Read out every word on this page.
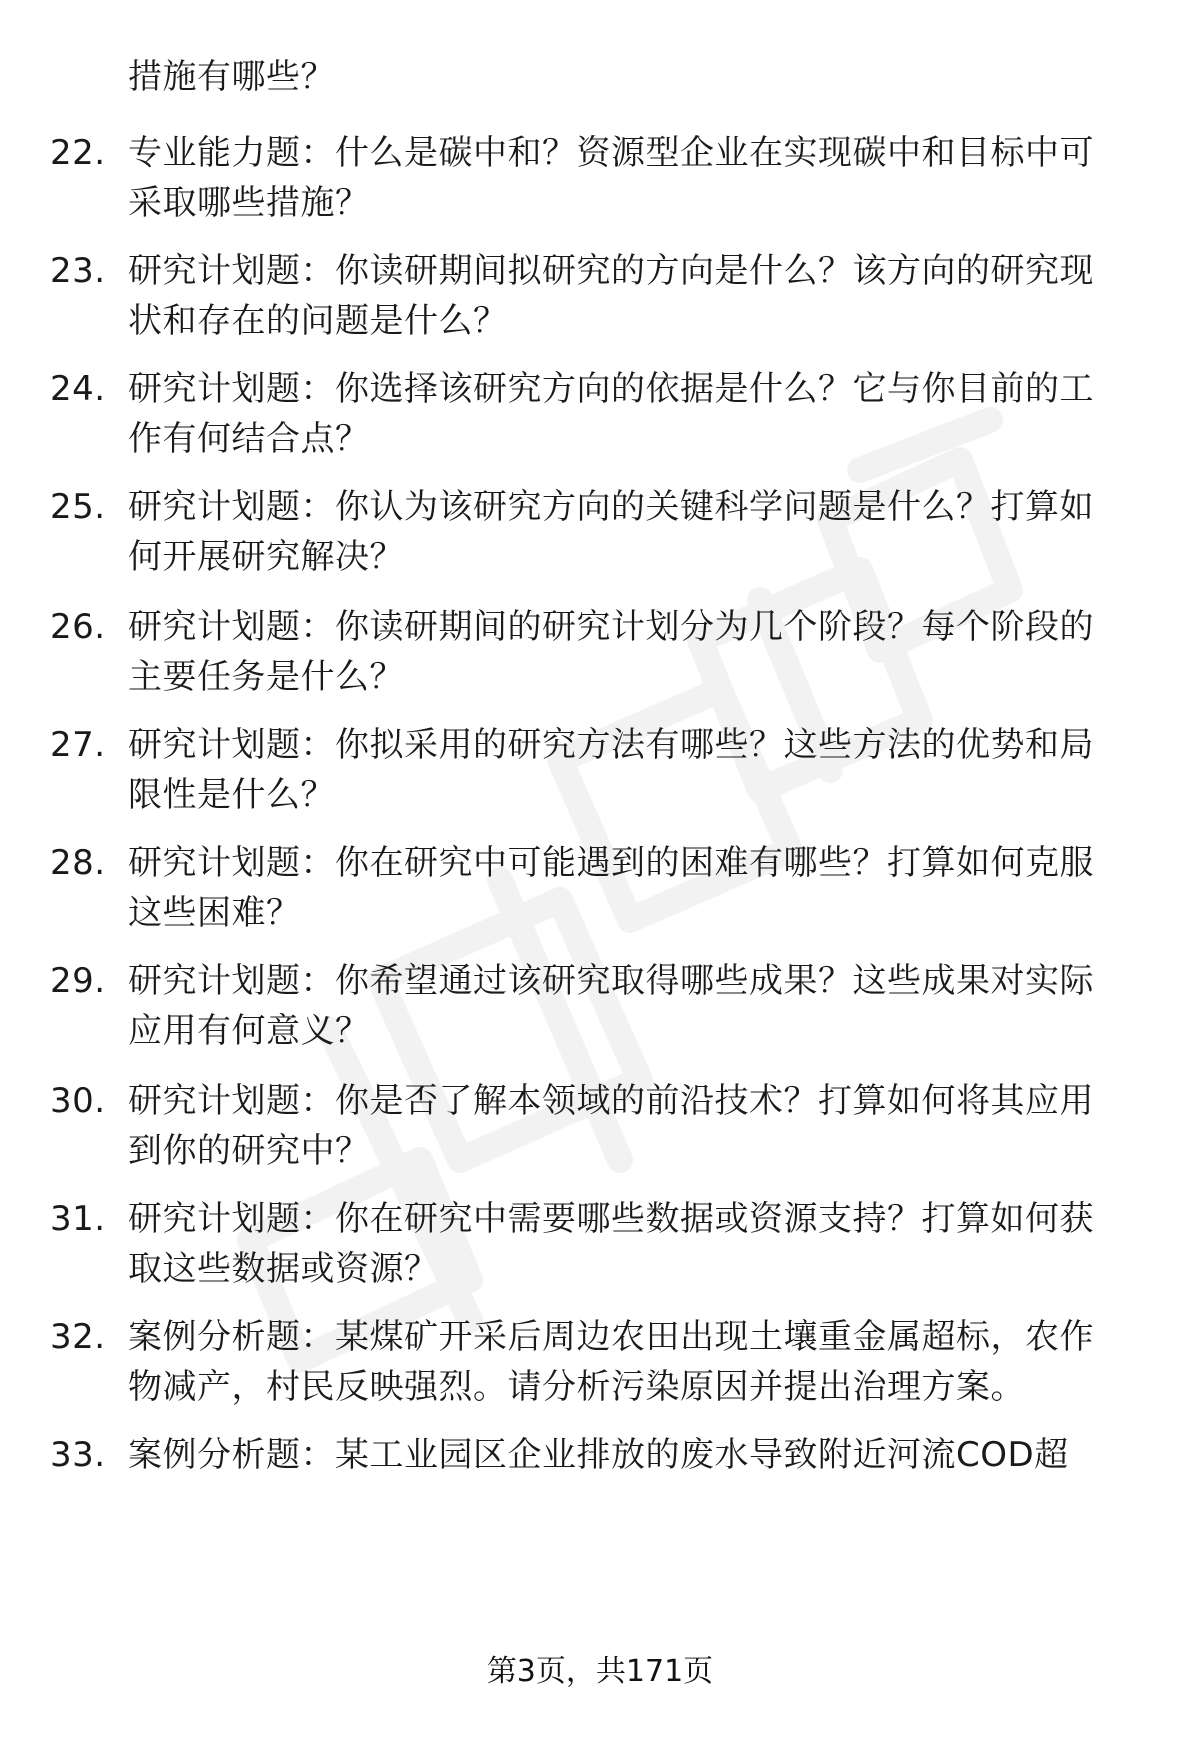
措施有哪些？
22. 专业能力题：什么是碳中和？资源型企业在实现碳中和目标中可
采取哪些措施？
23. 研究计划题：你读研期间拟研究的方向是什么？该方向的研究现
状和存在的问题是什么？
24. 研究计划题：你选择该研究方向的依据是什么？它与你目前的工
作有何结合点？
25. 研究计划题：你认为该研究方向的关键科学问题是什么？打算如
何开展研究解决？
26. 研究计划题：你读研期间的研究计划分为几个阶段？每个阶段的
主要任务是什么？
27. 研究计划题：你拟采用的研究方法有哪些？这些方法的优势和局
限性是什么？
28. 研究计划题：你在研究中可能遇到的困难有哪些？打算如何克服
这些困难？
29. 研究计划题：你希望通过该研究取得哪些成果？这些成果对实际
应用有何意义？
30. 研究计划题：你是否了解本领域的前沿技术？打算如何将其应用
到你的研究中？
31. 研究计划题：你在研究中需要哪些数据或资源支持？打算如何获
取这些数据或资源？
32. 案例分析题：某煤矿开采后周边农田出现土壤重金属超标，农作
物减产，村民反映强烈。请分析污染原因并提出治理方案。
33. 案例分析题：某工业园区企业排放的废水导致附近河流COD超
第3页，共171页
